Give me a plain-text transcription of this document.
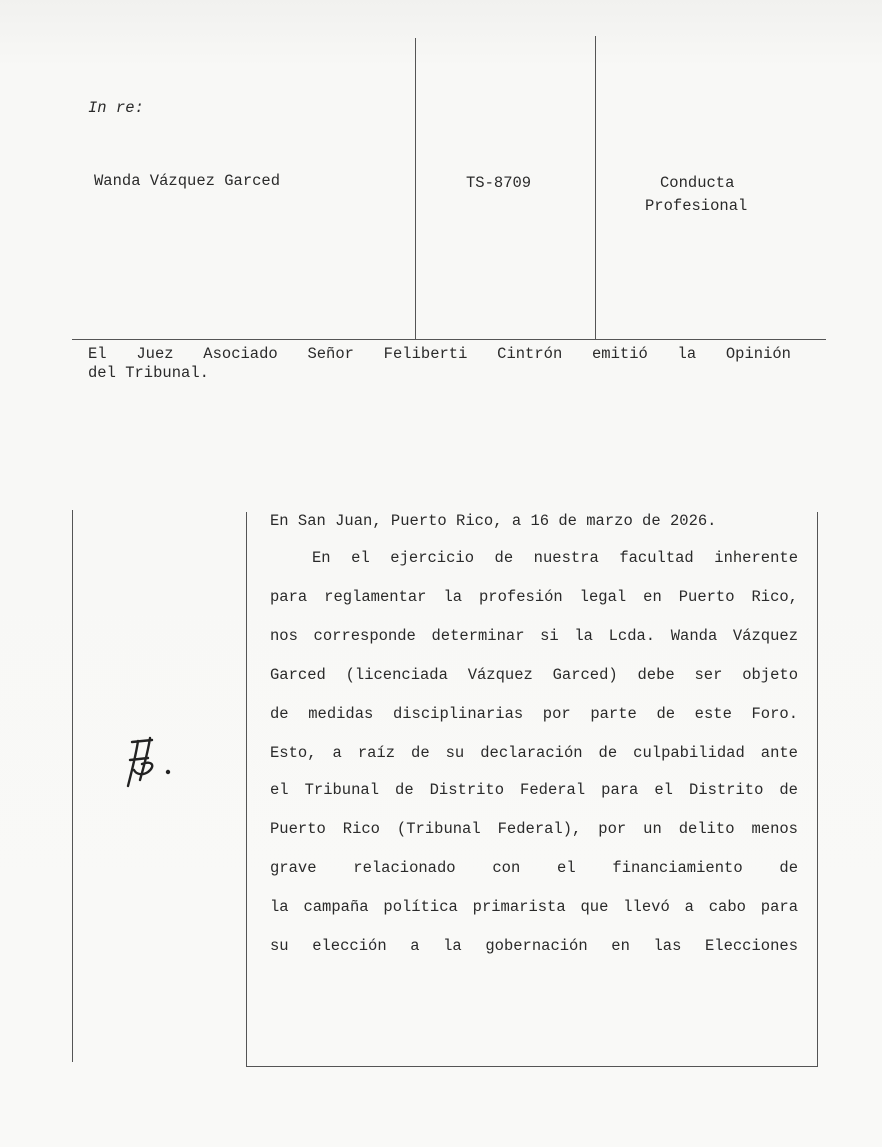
In re:
Wanda Vázquez Garced	TS-8709	Conducta
Profesional
El Juez Asociado Señor Feliberti Cintrón emitió la Opinión
del Tribunal.
En San Juan, Puerto Rico, a 16 de marzo de 2026.
En el ejercicio de nuestra facultad inherente
para reglamentar la profesión legal en Puerto Rico,
nos corresponde determinar si la Lcda. Wanda Vázquez
Garced (licenciada Vázquez Garced) debe ser objeto
de medidas disciplinarias por parte de este Foro.
Esto, a raíz de su declaración de culpabilidad ante
el Tribunal de Distrito Federal para el Distrito de
Puerto Rico (Tribunal Federal), por un delito menos
grave relacionado con el financiamiento de
la campaña política primarista que llevó a cabo para
su elección a la gobernación en las Elecciones
